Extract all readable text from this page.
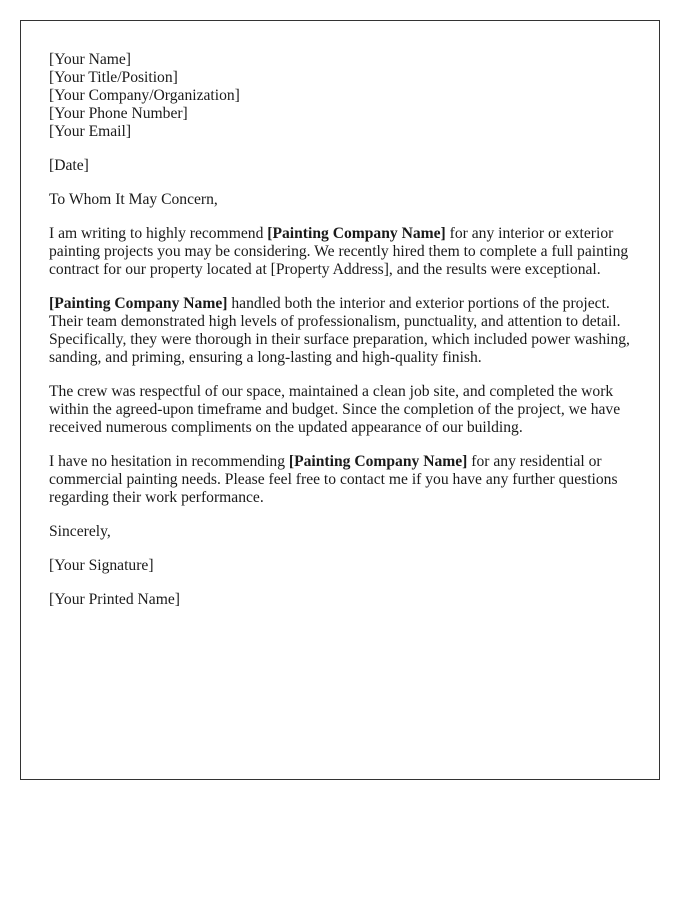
[Your Name]
[Your Title/Position]
[Your Company/Organization]
[Your Phone Number]
[Your Email]

[Date]

To Whom It May Concern,

I am writing to highly recommend [Painting Company Name] for any interior or exterior painting projects you may be considering. We recently hired them to complete a full painting contract for our property located at [Property Address], and the results were exceptional.

[Painting Company Name] handled both the interior and exterior portions of the project. Their team demonstrated high levels of professionalism, punctuality, and attention to detail. Specifically, they were thorough in their surface preparation, which included power washing, sanding, and priming, ensuring a long-lasting and high-quality finish.

The crew was respectful of our space, maintained a clean job site, and completed the work within the agreed-upon timeframe and budget. Since the completion of the project, we have received numerous compliments on the updated appearance of our building.

I have no hesitation in recommending [Painting Company Name] for any residential or commercial painting needs. Please feel free to contact me if you have any further questions regarding their work performance.

Sincerely,

[Your Signature]

[Your Printed Name]
